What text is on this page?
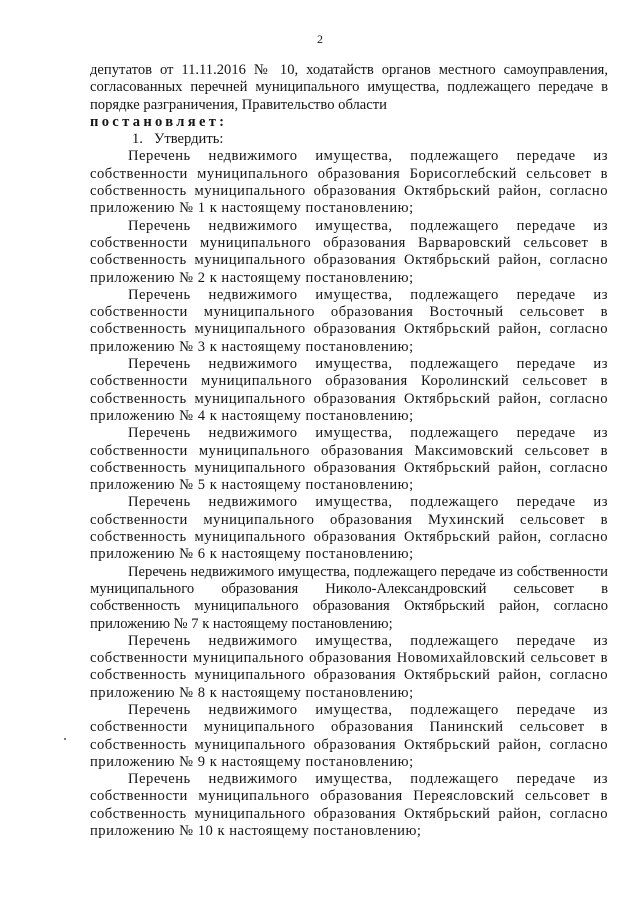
2

депутатов от 11.11.2016 № 10, ходатайств органов местного самоуправления, согласованных перечней муниципального имущества, подлежащего передаче в порядке разграничения, Правительство области

постановляет:

1. Утвердить:

Перечень недвижимого имущества, подлежащего передаче из собственности муниципального образования Борисоглебский сельсовет в собственность муниципального образования Октябрьский район, согласно приложению № 1 к настоящему постановлению;

Перечень недвижимого имущества, подлежащего передаче из собственности муниципального образования Варваровский сельсовет в собственность муниципального образования Октябрьский район, согласно приложению № 2 к настоящему постановлению;

Перечень недвижимого имущества, подлежащего передаче из собственности муниципального образования Восточный сельсовет в собственность муниципального образования Октябрьский район, согласно приложению № 3 к настоящему постановлению;

Перечень недвижимого имущества, подлежащего передаче из собственности муниципального образования Королинский сельсовет в собственность муниципального образования Октябрьский район, согласно приложению № 4 к настоящему постановлению;

Перечень недвижимого имущества, подлежащего передаче из собственности муниципального образования Максимовский сельсовет в собственность муниципального образования Октябрьский район, согласно приложению № 5 к настоящему постановлению;

Перечень недвижимого имущества, подлежащего передаче из собственности муниципального образования Мухинский сельсовет в собственность муниципального образования Октябрьский район, согласно приложению № 6 к настоящему постановлению;

Перечень недвижимого имущества, подлежащего передаче из собственности муниципального образования Николо-Александровский сельсовет в собственность муниципального образования Октябрьский район, согласно приложению № 7 к настоящему постановлению;

Перечень недвижимого имущества, подлежащего передаче из собственности муниципального образования Новомихайловский сельсовет в собственность муниципального образования Октябрьский район, согласно приложению № 8 к настоящему постановлению;

Перечень недвижимого имущества, подлежащего передаче из собственности муниципального образования Панинский сельсовет в собственность муниципального образования Октябрьский район, согласно приложению № 9 к настоящему постановлению;

Перечень недвижимого имущества, подлежащего передаче из собственности муниципального образования Переясловский сельсовет в собственность муниципального образования Октябрьский район, согласно приложению № 10 к настоящему постановлению;
